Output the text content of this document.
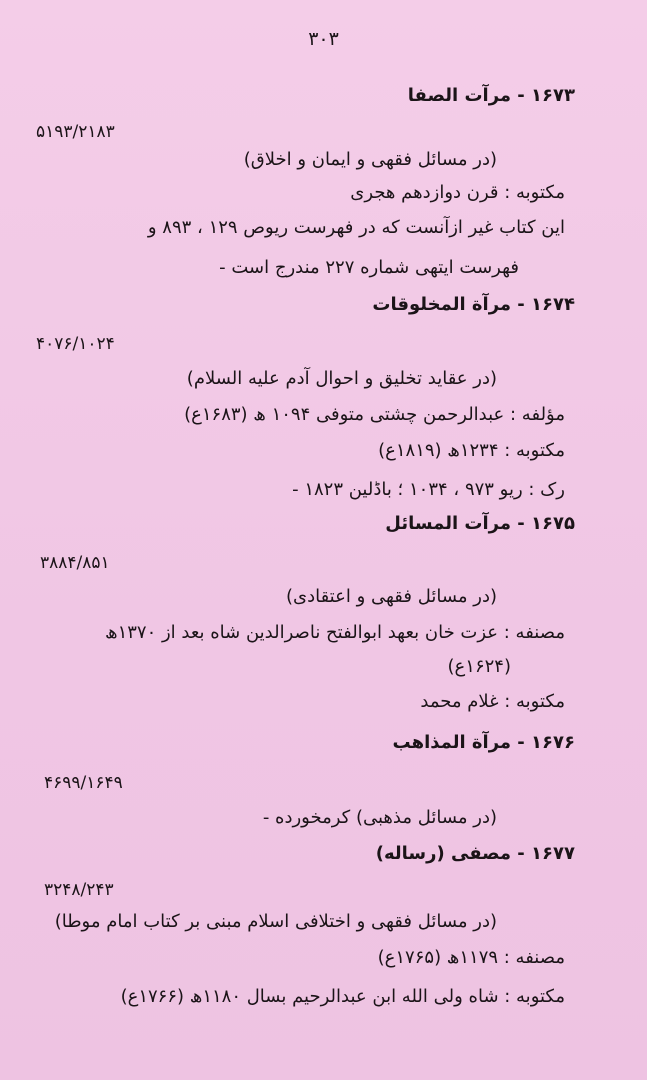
۳۰۳
۱۶۷۳ - مرآت الصفا
۵۱۹۳/۲۱۸۳
(در مسائل فقهی و ایمان و اخلاق)
مکتوبه : قرن دوازدهم هجری
این کتاب غیر ازآنست که در فهرست ریوص ۱۲۹ ، ۸۹۳ و
فهرست ایتهی شماره ۲۲۷ مندرج است -
۱۶۷۴ - مرآة المخلوقات
۴۰۷۶/۱۰۲۴
(در عقاید تخلیق و احوال آدم علیه السلام)
مؤلفه : عبدالرحمن چشتی متوفی ۱۰۹۴ ھ (۱۶۸۳ع)
مکتوبه : ۱۲۳۴ھ (۱۸۱۹ع)
رک : ریو ۹۷۳ ، ۱۰۳۴ ؛ باڈلین ۱۸۲۳ -
۱۶۷۵ - مرآت المسائل
۳۸۸۴/۸۵۱
(در مسائل فقهی و اعتقادی)
مصنفه : عزت خان بعهد ابوالفتح ناصرالدین شاه بعد از ۱۳۷۰ھ
(۱۶۲۴ع)
مکتوبه : غلام محمد
۱۶۷۶ - مرآة المذاهب
۴۶۹۹/۱۶۴۹
(در مسائل مذهبی) کرمخورده -
۱۶۷۷ - مصفی (رساله)
۳۲۴۸/۲۴۳
(در مسائل فقهی و اختلافی اسلام مبنی بر کتاب امام موطا)
مصنفه : ۱۱۷۹ھ (۱۷۶۵ع)
مکتوبه : شاه ولی الله ابن عبدالرحیم بسال ۱۱۸۰ھ (۱۷۶۶ع)
